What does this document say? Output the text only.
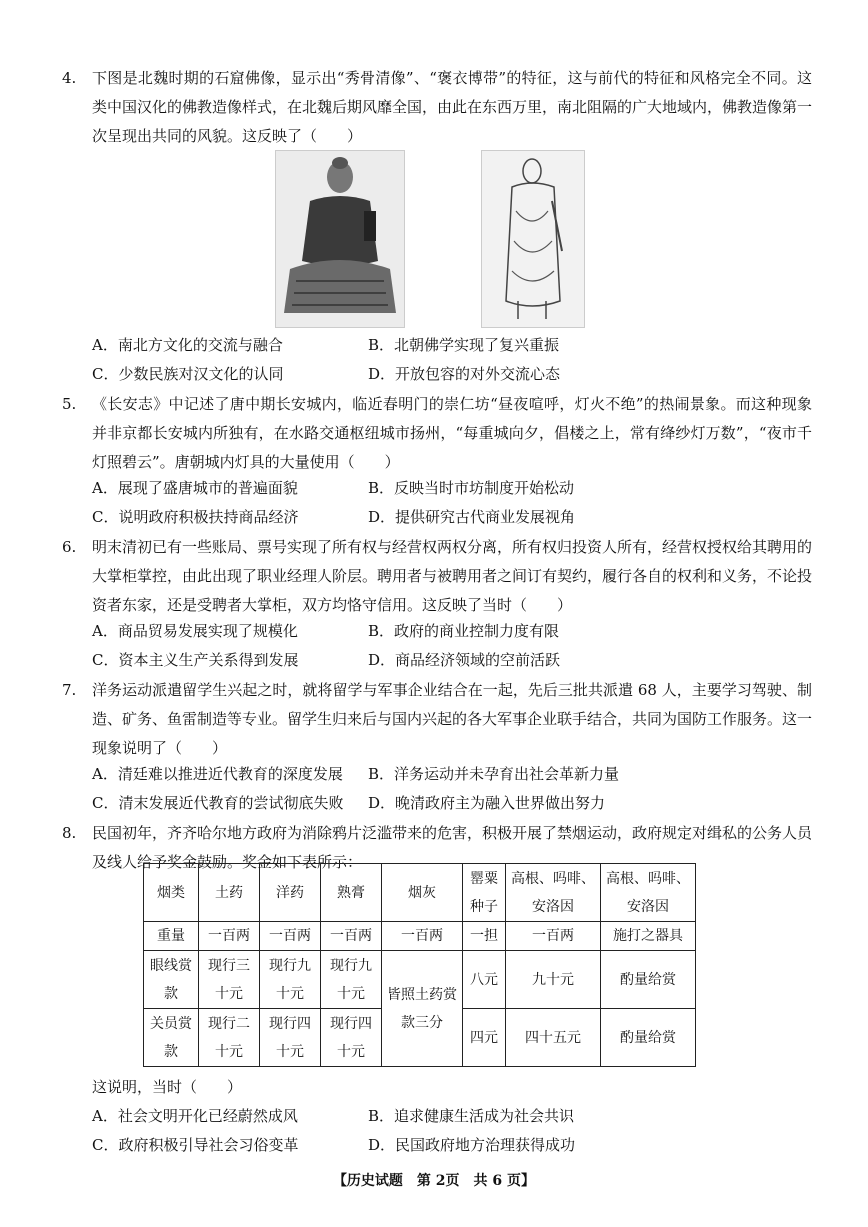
4. 下图是北魏时期的石窟佛像，显示出“秀骨清像”、“褒衣博带”的特征，这与前代的特征和风格完全不同。这类中国汉化的佛教造像样式，在北魏后期风靡全国，由此在东西万里，南北阻隔的广大地域内，佛教造像第一次呈现出共同的风貌。这反映了（　　）
A．南北方文化的交流与融合	B．北朝佛学实现了复兴重振
C．少数民族对汉文化的认同	D．开放包容的对外交流心态
5. 《长安志》中记述了唐中期长安城内，临近春明门的崇仁坊“昼夜喧呼，灯火不绝”的热闹景象。而这种现象并非京都长安城内所独有，在水路交通枢纽城市扬州，“每重城向夕，倡楼之上，常有绛纱灯万数”，“夜市千灯照碧云”。唐朝城内灯具的大量使用（　　）
A．展现了盛唐城市的普遍面貌	B．反映当时市坊制度开始松动
C．说明政府积极扶持商品经济	D．提供研究古代商业发展视角
6. 明末清初已有一些账局、票号实现了所有权与经营权两权分离，所有权归投资人所有，经营权授权给其聘用的大掌柜掌控，由此出现了职业经理人阶层。聘用者与被聘用者之间订有契约，履行各自的权利和义务，不论投资者东家，还是受聘者大掌柜，双方均恪守信用。这反映了当时（　　）
A．商品贸易发展实现了规模化	B．政府的商业控制力度有限
C．资本主义生产关系得到发展	D．商品经济领域的空前活跃
7. 洋务运动派遣留学生兴起之时，就将留学与军事企业结合在一起，先后三批共派遣 68 人，主要学习驾驶、制造、矿务、鱼雷制造等专业。留学生归来后与国内兴起的各大军事企业联手结合，共同为国防工作服务。这一现象说明了（　　）
A．清廷难以推进近代教育的深度发展 B．洋务运动并未孕育出社会革新力量
C．清末发展近代教育的尝试彻底失败 D．晚清政府主为融入世界做出努力
8. 民国初年，齐齐哈尔地方政府为消除鸦片泛滥带来的危害，积极开展了禁烟运动，政府规定对缉私的公务人员及线人给予奖金鼓励。奖金如下表所示：
烟类	土药	洋药	熟膏	烟灰	罂粟种子	高根、吗啡、安洛因	高根、吗啡、安洛因
重量	一百两	一百两	一百两	一百两	一担	一百两	施打之器具
眼线赏款	现行三十元	现行九十元	现行九十元	皆照土药赏款三分	八元	九十元	酌量给赏
关员赏款	现行二十元	现行四十元	现行四十元		四元	四十五元	酌量给赏
这说明，当时（　　）
A．社会文明开化已经蔚然成风	B．追求健康生活成为社会共识
C．政府积极引导社会习俗变革	D．民国政府地方治理获得成功
【历史试题　第 2页　共 6 页】
